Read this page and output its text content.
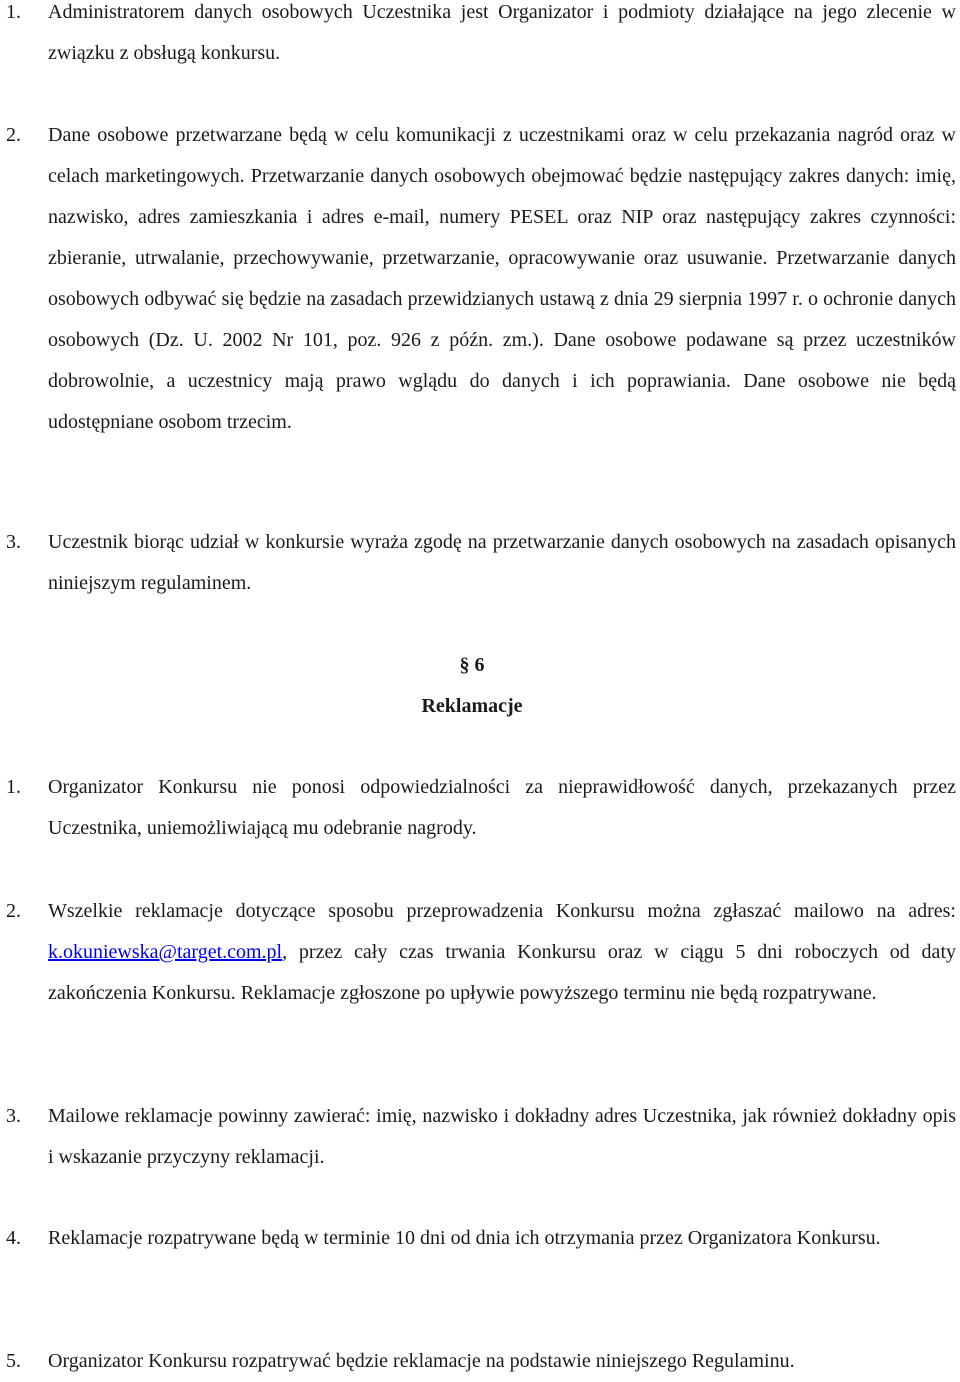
1. Administratorem danych osobowych Uczestnika jest Organizator i podmioty działające na jego zlecenie w związku z obsługą konkursu.
2. Dane osobowe przetwarzane będą w celu komunikacji z uczestnikami oraz w celu przekazania nagród oraz w celach marketingowych. Przetwarzanie danych osobowych obejmować będzie następujący zakres danych: imię, nazwisko, adres zamieszkania i adres e-mail, numery PESEL oraz NIP oraz następujący zakres czynności: zbieranie, utrwalanie, przechowywanie, przetwarzanie, opracowywanie oraz usuwanie. Przetwarzanie danych osobowych odbywać się będzie na zasadach przewidzianych ustawą z dnia 29 sierpnia 1997 r. o ochronie danych osobowych (Dz. U. 2002 Nr 101, poz. 926 z późn. zm.). Dane osobowe podawane są przez uczestników dobrowolnie, a uczestnicy mają prawo wglądu do danych i ich poprawiania. Dane osobowe nie będą udostępniane osobom trzecim.
3. Uczestnik biorąc udział w konkursie wyraża zgodę na przetwarzanie danych osobowych na zasadach opisanych niniejszym regulaminem.
§ 6
Reklamacje
1. Organizator Konkursu nie ponosi odpowiedzialności za nieprawidłowość danych, przekazanych przez Uczestnika, uniemożliwiającą mu odebranie nagrody.
2. Wszelkie reklamacje dotyczące sposobu przeprowadzenia Konkursu można zgłaszać mailowo na adres: k.okuniewska@target.com.pl, przez cały czas trwania Konkursu oraz w ciągu 5 dni roboczych od daty zakończenia Konkursu. Reklamacje zgłoszone po upływie powyższego terminu nie będą rozpatrywane.
3. Mailowe reklamacje powinny zawierać: imię, nazwisko i dokładny adres Uczestnika, jak również dokładny opis i wskazanie przyczyny reklamacji.
4. Reklamacje rozpatrywane będą w terminie 10 dni od dnia ich otrzymania przez Organizatora Konkursu.
5. Organizator Konkursu rozpatrywać będzie reklamacje na podstawie niniejszego Regulaminu.
